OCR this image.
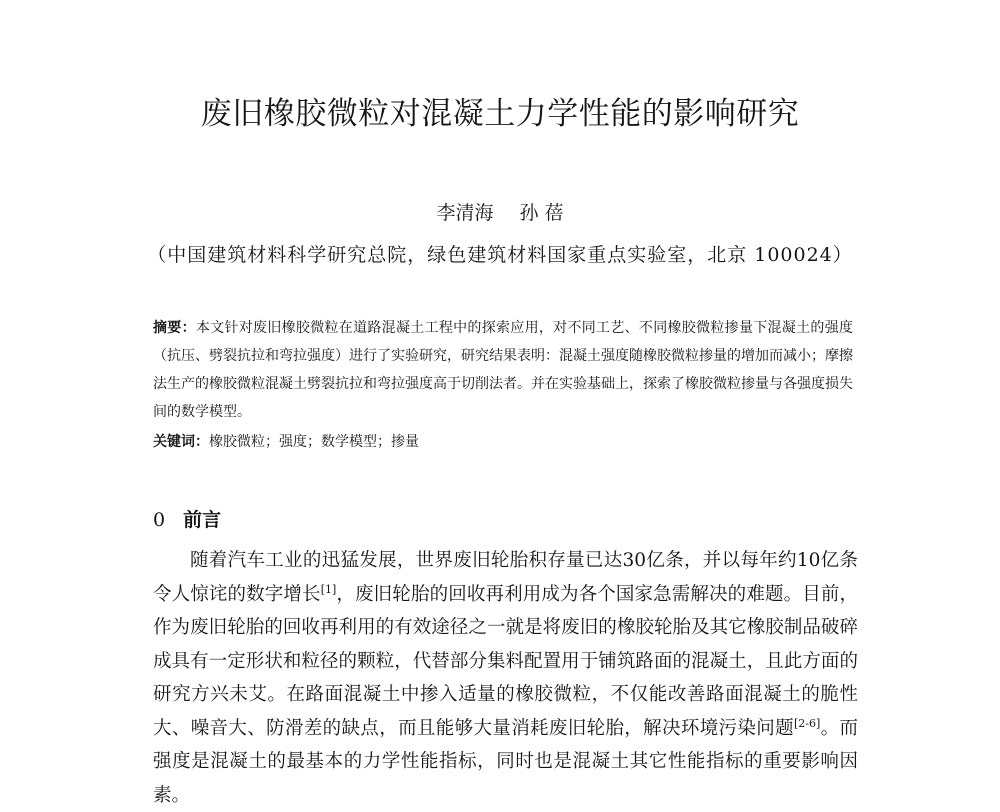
废旧橡胶微粒对混凝土力学性能的影响研究
李清海 孙 蓓
（中国建筑材料科学研究总院，绿色建筑材料国家重点实验室，北京 100024）
摘要：本文针对废旧橡胶微粒在道路混凝土工程中的探索应用，对不同工艺、不同橡胶微粒掺量下混凝土的强度（抗压、劈裂抗拉和弯拉强度）进行了实验研究，研究结果表明：混凝土强度随橡胶微粒掺量的增加而减小；摩擦法生产的橡胶微粒混凝土劈裂抗拉和弯拉强度高于切削法者。并在实验基础上，探索了橡胶微粒掺量与各强度损失间的数学模型。
关键词：橡胶微粒；强度；数学模型；掺量
0 前言
随着汽车工业的迅猛发展，世界废旧轮胎积存量已达30亿条，并以每年约10亿条令人惊诧的数字增长[1]，废旧轮胎的回收再利用成为各个国家急需解决的难题。目前，作为废旧轮胎的回收再利用的有效途径之一就是将废旧的橡胶轮胎及其它橡胶制品破碎成具有一定形状和粒径的颗粒，代替部分集料配置用于铺筑路面的混凝土，且此方面的研究方兴未艾。在路面混凝土中掺入适量的橡胶微粒，不仅能改善路面混凝土的脆性大、噪音大、防滑差的缺点，而且能够大量消耗废旧轮胎，解决环境污染问题[2-6]。而强度是混凝土的最基本的力学性能指标，同时也是混凝土其它性能指标的重要影响因素。
